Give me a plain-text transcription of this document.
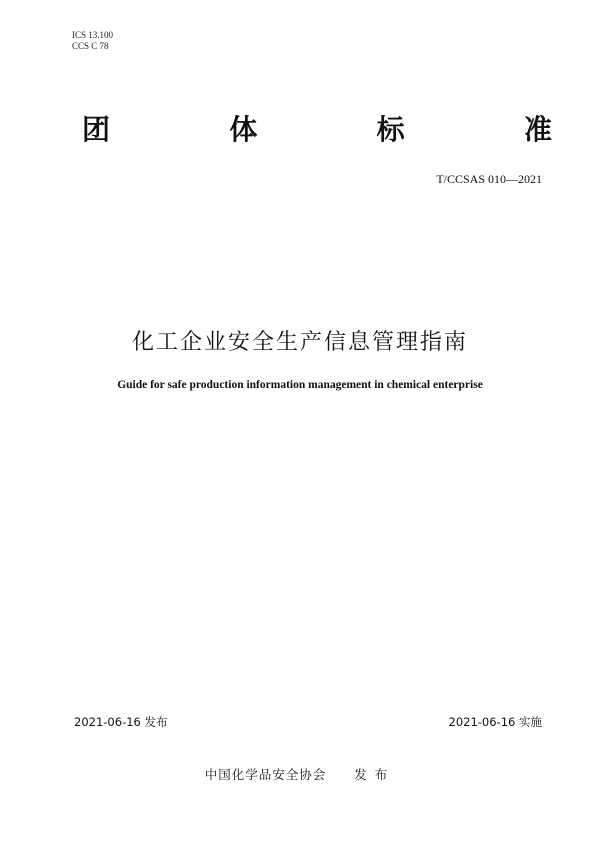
ICS 13.100
CCS C 78
团	体	标	准
T/CCSAS 010—2021
化工企业安全生产信息管理指南
Guide for safe production information management in chemical enterprise
2021-06-16 发布	2021-06-16 实施
中国化学品安全协会 发布
